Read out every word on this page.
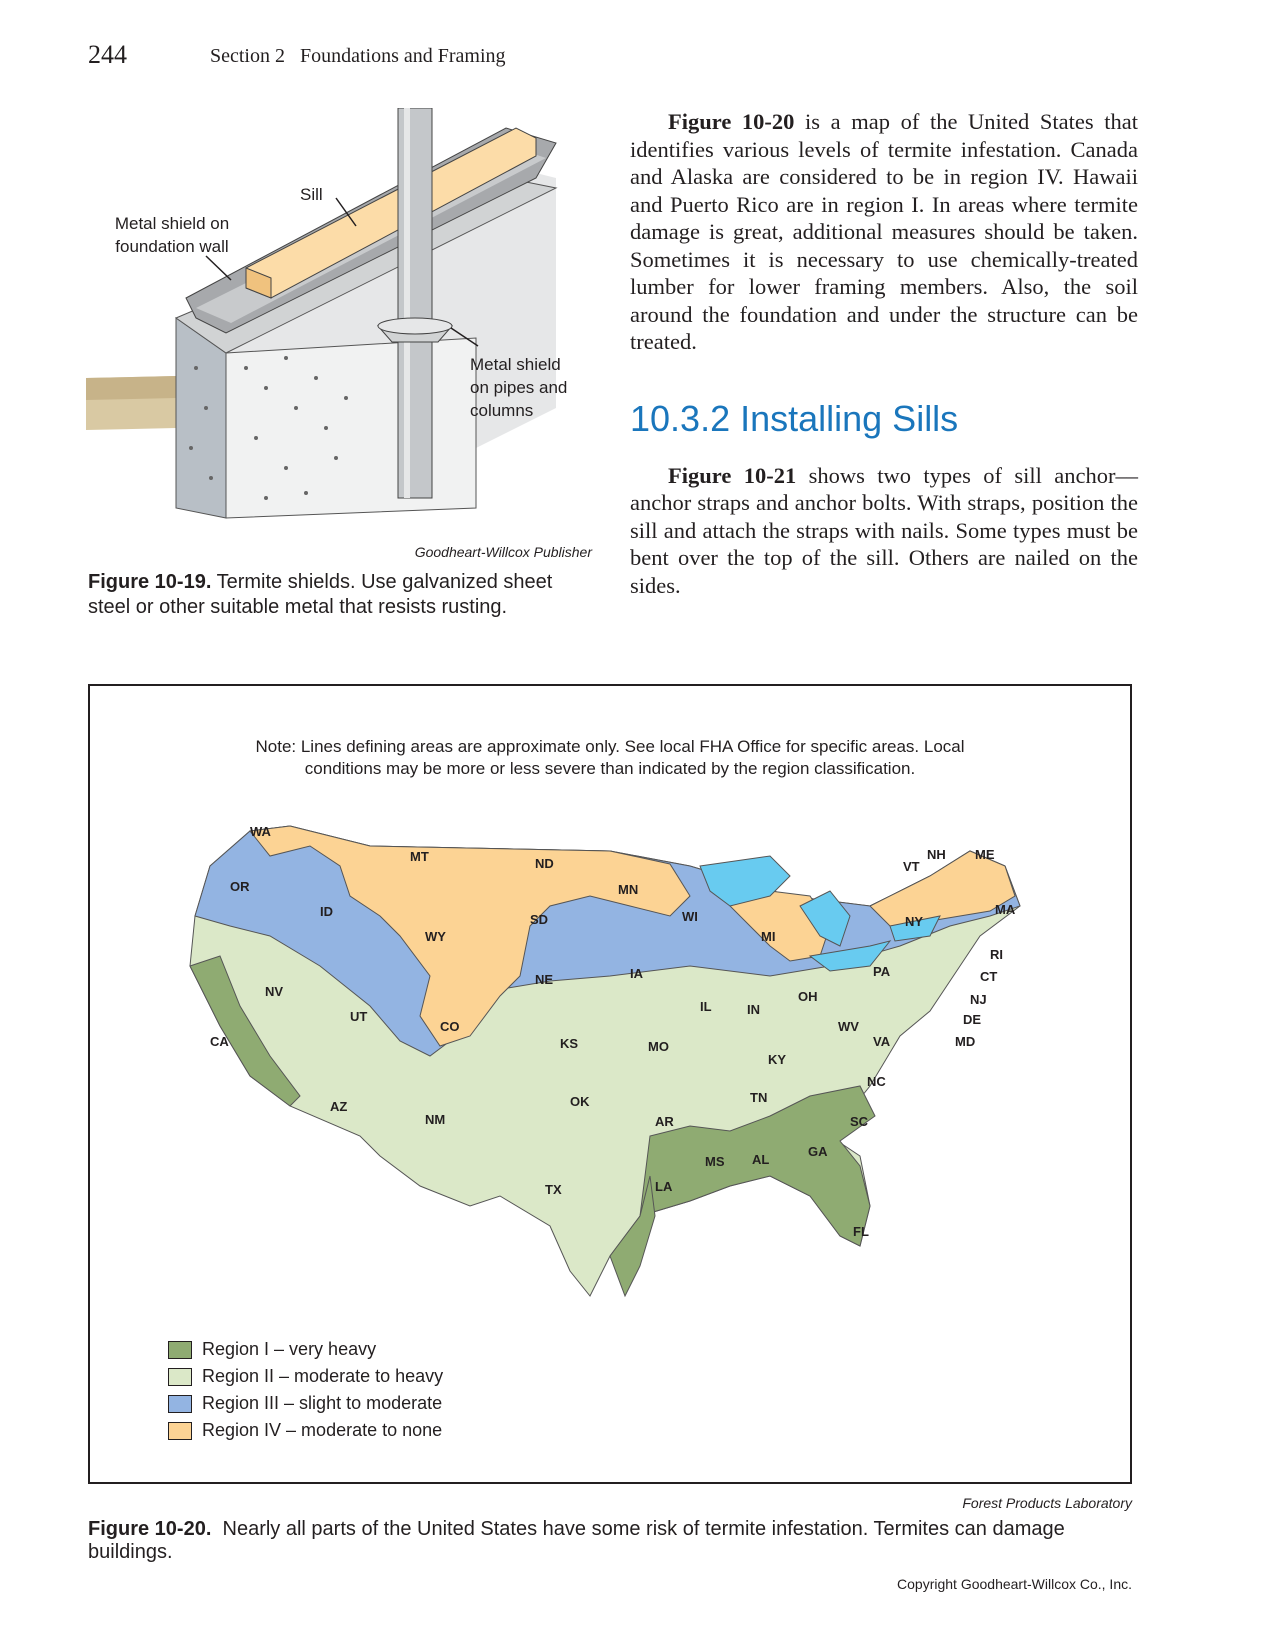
244	Section 2   Foundations and Framing
Sill
Metal shield on foundation wall
Metal shield on pipes and columns
Goodheart-Willcox Publisher
Figure 10-19. Termite shields. Use galvanized sheet steel or other suitable metal that resists rusting.

Figure 10-20 is a map of the United States that identifies various levels of termite infestation. Canada and Alaska are considered to be in region IV. Hawaii and Puerto Rico are in region I. In areas where termite damage is great, additional measures should be taken. Sometimes it is necessary to use chemically-treated lumber for lower framing members. Also, the soil around the foundation and under the structure can be treated.

10.3.2 Installing Sills

Figure 10-21 shows two types of sill anchor––anchor straps and anchor bolts. With straps, position the sill and attach the straps with nails. Some types must be bent over the top of the sill. Others are nailed on the sides.

Note: Lines defining areas are approximate only. See local FHA Office for specific areas. Local
conditions may be more or less severe than indicated by the region classification.
WA
OR
CA
ID
NV
MT
WY
UT
CO
AZ
NM
ND
SD
NE
KS
OK
TX
MN
IA
MO
AR
LA
WI
IL
MI
IN
OH
KY
TN
MS AL
GA
FL
SC
NC
VA
WV
PA
NY
VT
NH ME
MA
RI
CT
NJ
DE
MD
Region I – very heavy
Region II – moderate to heavy
Region III – slight to moderate
Region IV – moderate to none
Forest Products Laboratory
Figure 10-20.  Nearly all parts of the United States have some risk of termite infestation. Termites can damage buildings.
Copyright Goodheart-Willcox Co., Inc.
